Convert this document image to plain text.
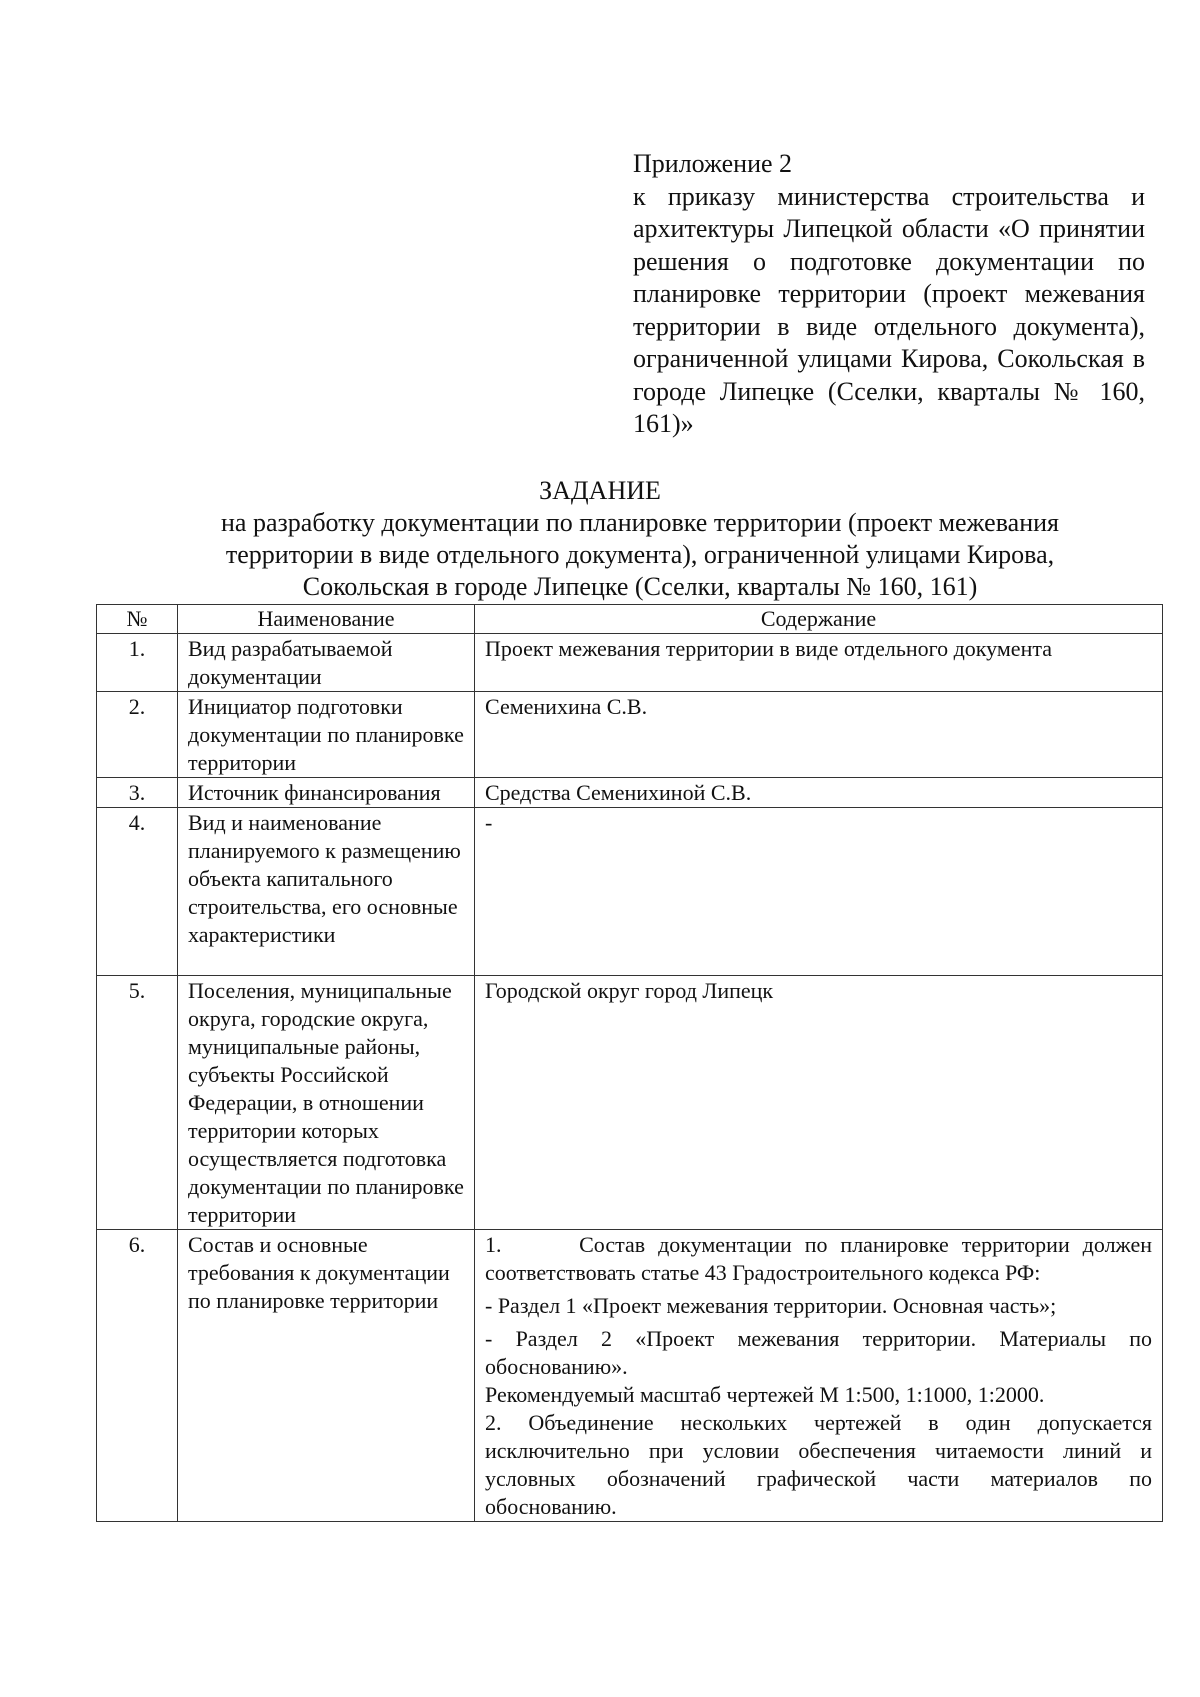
Приложение 2
к приказу министерства строительства и архитектуры Липецкой области «О принятии решения о подготовке документации по планировке территории (проект межевания территории в виде отдельного документа), ограниченной улицами Кирова, Сокольская в городе Липецке (Сселки, кварталы № 160, 161)»
ЗАДАНИЕ
на разработку документации по планировке территории (проект межевания территории в виде отдельного документа), ограниченной улицами Кирова, Сокольская в городе Липецке (Сселки, кварталы № 160, 161)
№	Наименование	Содержание
1.	Вид разрабатываемой документации	Проект межевания территории в виде отдельного документа
2.	Инициатор подготовки документации по планировке территории	Семенихина С.В.
3.	Источник финансирования	Средства Семенихиной С.В.
4.	Вид и наименование планируемого к размещению объекта капитального строительства, его основные характеристики	-
5.	Поселения, муниципальные округа, городские округа, муниципальные районы, субъекты Российской Федерации, в отношении территории которых осуществляется подготовка документации по планировке территории	Городской округ город Липецк
6.	Состав и основные требования к документации по планировке территории	1.      Состав документации по планировке территории должен соответствовать статье 43 Градостроительного кодекса РФ:

- Раздел 1 «Проект межевания территории. Основная часть»;

- Раздел 2 «Проект межевания территории. Материалы по обоснованию».

Рекомендуемый масштаб чертежей М 1:500, 1:1000, 1:2000.

2. Объединение нескольких чертежей в один допускается исключительно при условии обеспечения читаемости линий и условных обозначений графической части материалов по обоснованию.
